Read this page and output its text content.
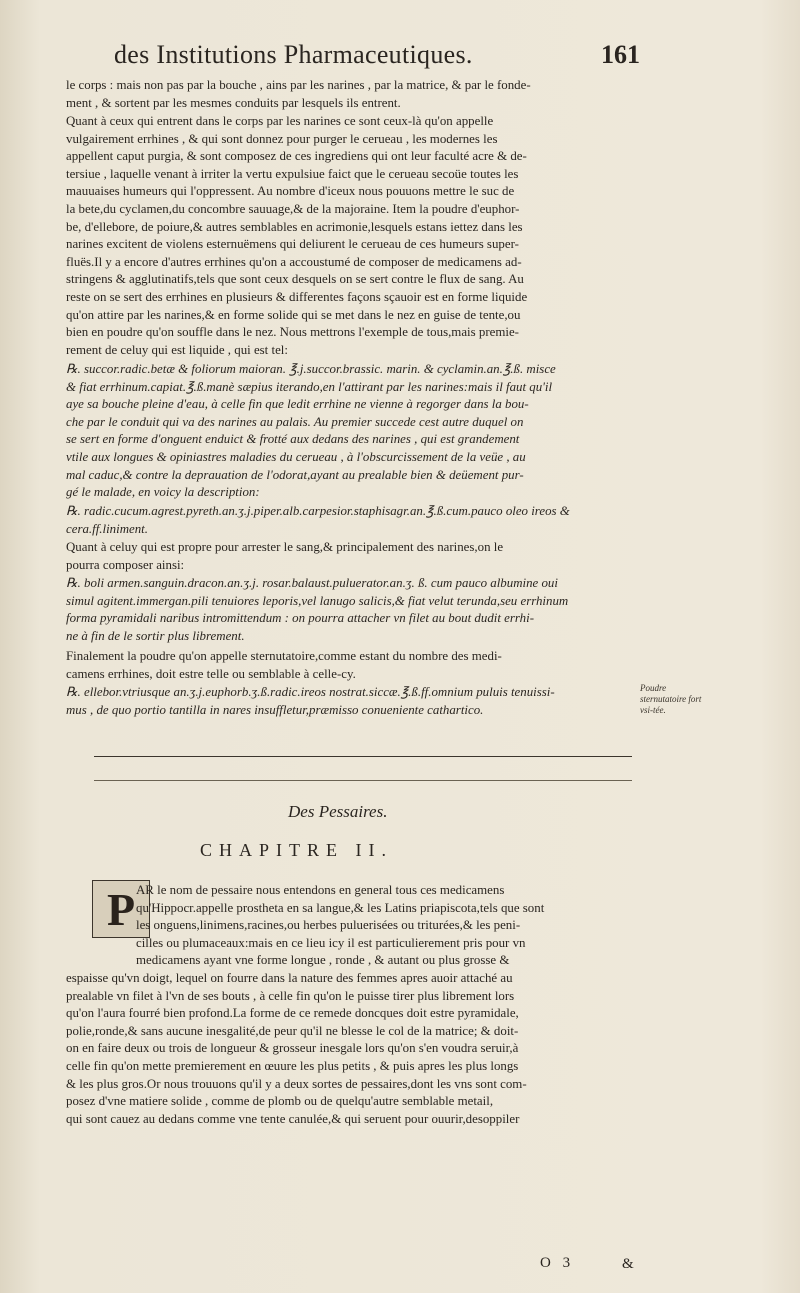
des Institutions Pharmaceutiques.	161
le corps : mais non pas par la bouche , ains par les narines , par la matrice, & par le fonde-
ment , & sortent par les mesmes conduits par lesquels ils entrent.
Quant à ceux qui entrent dans le corps par les narines ce sont ceux-là qu'on appelle
vulgairement errhines , & qui sont donnez pour purger le cerueau , les modernes les
appellent caput purgia, & sont composez de ces ingrediens qui ont leur faculté acre & de-
tersiue , laquelle venant à irriter la vertu expulsiue faict que le cerueau secoüe toutes les
mauuaises humeurs qui l'oppressent. Au nombre d'iceux nous pouuons mettre le suc de
la bete,du cyclamen,du concombre sauuage,& de la majoraine. Item la poudre d'euphor-
be, d'ellebore, de poiure,& autres semblables en acrimonie,lesquels estans iettez dans les
narines excitent de violens esternuëmens qui deliurent le cerueau de ces humeurs super-
fluës.Il y a encore d'autres errhines qu'on a accoustumé de composer de medicamens ad-
stringens & agglutinatifs,tels que sont ceux desquels on se sert contre le flux de sang. Au
reste on se sert des errhines en plusieurs & differentes façons sçauoir est en forme liquide
qu'on attire par les narines,& en forme solide qui se met dans le nez en guise de tente,ou
bien en poudre qu'on souffle dans le nez. Nous mettrons l'exemple de tous,mais premie-
rement de celuy qui est liquide , qui est tel:
℞. succor.radic.betæ & foliorum maioran. ℥.j.succor.brassic. marin. & cyclamin.an.℥.ß. misce
& fiat errhinum.capiat.℥.ß.manè sæpius iterando,en l'attirant par les narines:mais il faut qu'il
aye sa bouche pleine d'eau, à celle fin que ledit errhine ne vienne à regorger dans la bou-
che par le conduit qui va des narines au palais. Au premier succede cest autre duquel on
se sert en forme d'onguent enduict & frotté aux dedans des narines , qui est grandement
vtile aux longues & opiniastres maladies du cerueau , à l'obscurcissement de la veüe , au
mal caduc,& contre la deprauation de l'odorat,ayant au prealable bien & deüement pur-
gé le malade, en voicy la description:
℞. radic.cucum.agrest.pyreth.an.ʒ.j.piper.alb.carpesior.staphisagr.an.℥.ß.cum.pauco oleo ireos &
cera.ff.liniment.
Quant à celuy qui est propre pour arrester le sang,& principalement des narines,on le
pourra composer ainsi:
℞. boli armen.sanguin.dracon.an.ʒ.j. rosar.balaust.puluerator.an.ʒ. ß. cum pauco albumine oui
simul agitent.immergan.pili tenuiores leporis,vel lanugo salicis,& fiat velut terunda,seu errhinum
forma pyramidali naribus intromittendum : on pourra attacher vn filet au bout dudit errhi-
ne à fin de le sortir plus librement.
Finalement la poudre qu'on appelle sternutatoire,comme estant du nombre des medi-
camens errhines, doit estre telle ou semblable à celle-cy.
℞. ellebor.vtriusque an.ʒ.j.euphorb.ʒ.ß.radic.ireos nostrat.siccæ.℥.ß.ff.omnium puluis tenuissi-
mus , de quo portio tantilla in nares insuffletur,præmisso conuenientе cathartico.
Poudre sternutatoire fort vsi-tée.
Des Pessaires.
CHAPITRE II.
P AR le nom de pessaire nous entendons en general tous ces medicamens
qu'Hippocr.appelle prostheta en sa langue,& les Latins priapiscota,tels que sont
les onguens,linimens,racines,ou herbes puluerisées ou triturées,& les peni-
cilles ou plumaceaux:mais en ce lieu icy il est particulierement pris pour vn
medicamens ayant vne forme longue , ronde , & autant ou plus grosse &
espaisse qu'vn doigt, lequel on fourre dans la nature des femmes apres auoir attaché au
prealable vn filet à l'vn de ses bouts , à celle fin qu'on le puisse tirer plus librement lors
qu'on l'aura fourré bien profond.La forme de ce remede doncques doit estre pyramidale,
polie,ronde,& sans aucune inesgalité,de peur qu'il ne blesse le col de la matrice; & doit-
on en faire deux ou trois de longueur & grosseur inesgale lors qu'on s'en voudra seruir,à
celle fin qu'on mette premierement en œuure les plus petits , & puis apres les plus longs
& les plus gros.Or nous trouuons qu'il y a deux sortes de pessaires,dont les vns sont com-
posez d'vne matiere solide , comme de plomb ou de quelqu'autre semblable metail,
qui sont cauez au dedans comme vne tente canulée,& qui seruent pour ouurir,desoppiler
O 3	&
